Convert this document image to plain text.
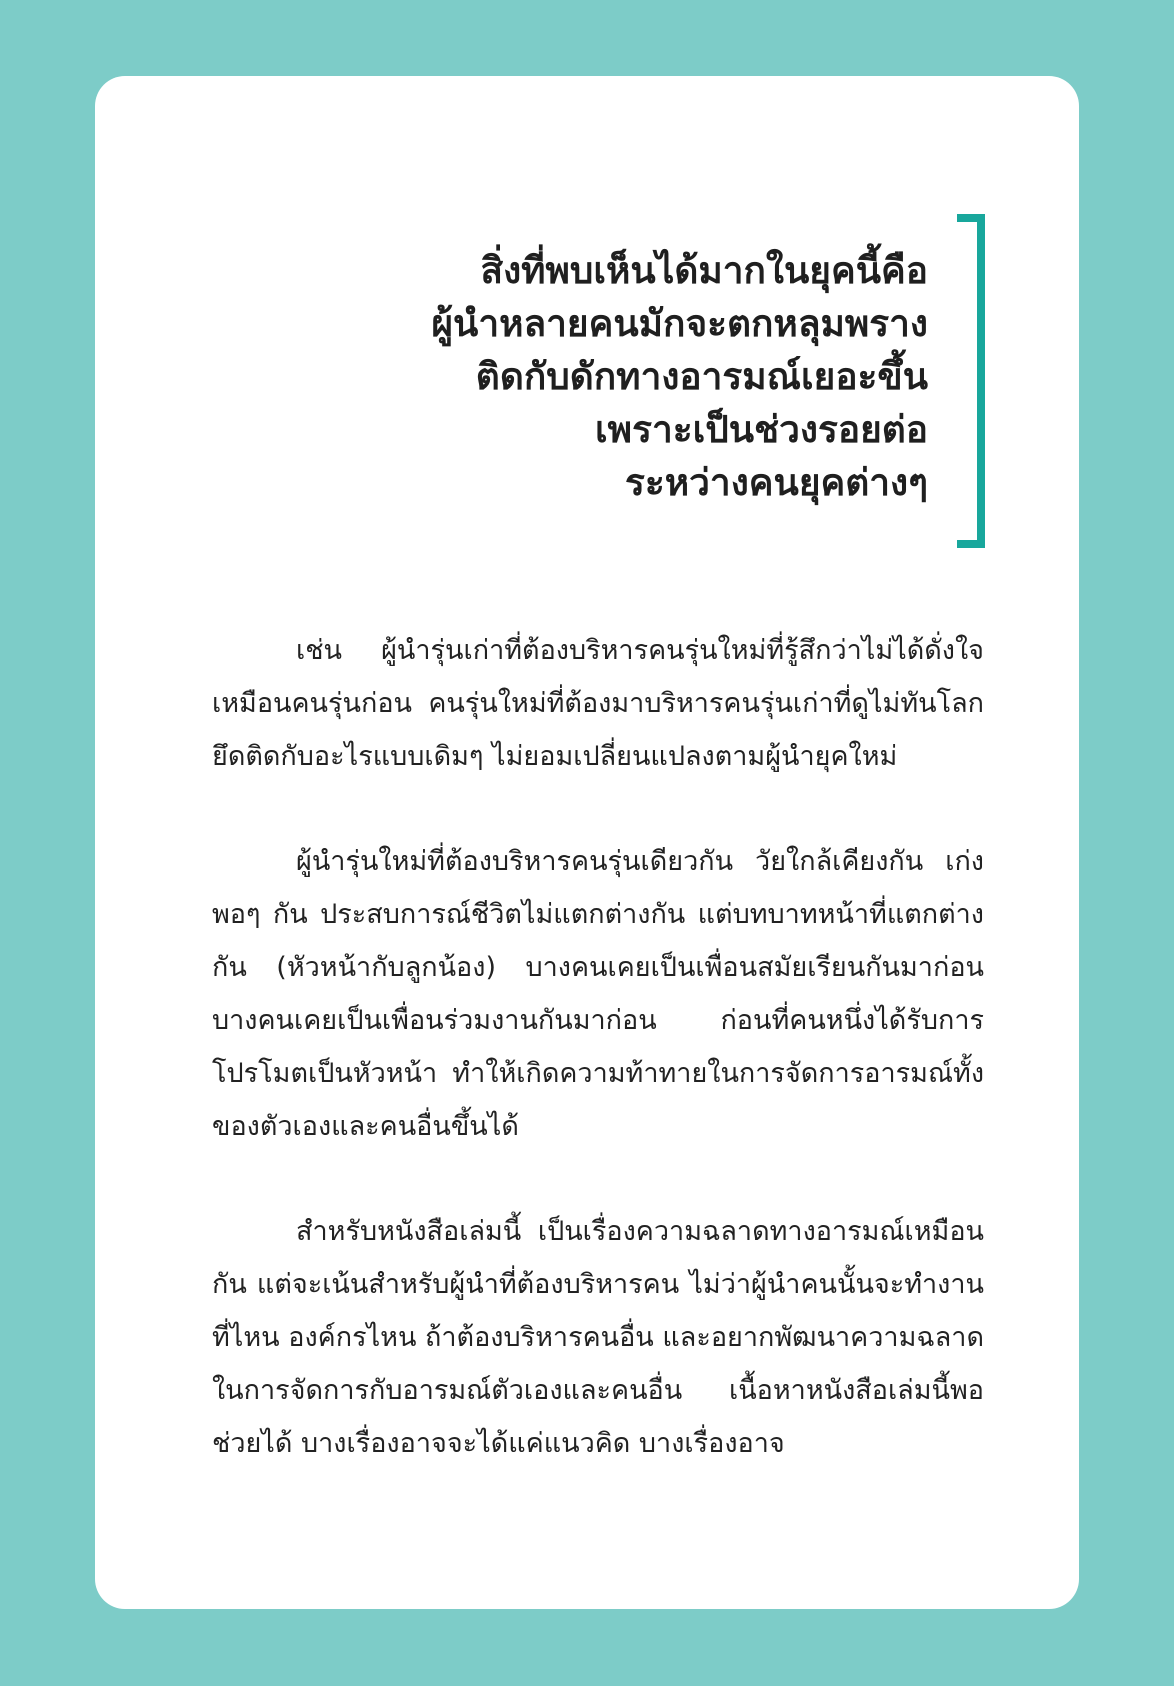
สิ่งที่พบเห็นได้มากในยุคนี้คือ
ผู้นำหลายคนมักจะตกหลุมพราง
ติดกับดักทางอารมณ์เยอะขึ้น
เพราะเป็นช่วงรอยต่อ
ระหว่างคนยุคต่างๆ

เช่น ผู้นำรุ่นเก่าที่ต้องบริหารคนรุ่นใหม่ที่รู้สึกว่าไม่ได้ดั่งใจเหมือนคนรุ่นก่อน คนรุ่นใหม่ที่ต้องมาบริหารคนรุ่นเก่าที่ดูไม่ทันโลก ยึดติดกับอะไรแบบเดิมๆ ไม่ยอมเปลี่ยนแปลงตามผู้นำยุคใหม่

ผู้นำรุ่นใหม่ที่ต้องบริหารคนรุ่นเดียวกัน วัยใกล้เคียงกัน เก่งพอๆ กัน ประสบการณ์ชีวิตไม่แตกต่างกัน แต่บทบาทหน้าที่แตกต่างกัน (หัวหน้ากับลูกน้อง) บางคนเคยเป็นเพื่อนสมัยเรียนกันมาก่อน บางคนเคยเป็นเพื่อนร่วมงานกันมาก่อน ก่อนที่คนหนึ่งได้รับการโปรโมตเป็นหัวหน้า ทำให้เกิดความท้าทายในการจัดการอารมณ์ทั้งของตัวเองและคนอื่นขึ้นได้

สำหรับหนังสือเล่มนี้ เป็นเรื่องความฉลาดทางอารมณ์เหมือนกัน แต่จะเน้นสำหรับผู้นำที่ต้องบริหารคน ไม่ว่าผู้นำคนนั้นจะทำงานที่ไหน องค์กรไหน ถ้าต้องบริหารคนอื่น และอยากพัฒนาความฉลาดในการจัดการกับอารมณ์ตัวเองและคนอื่น เนื้อหาหนังสือเล่มนี้พอช่วยได้ บางเรื่องอาจจะได้แค่แนวคิด บางเรื่องอาจ
